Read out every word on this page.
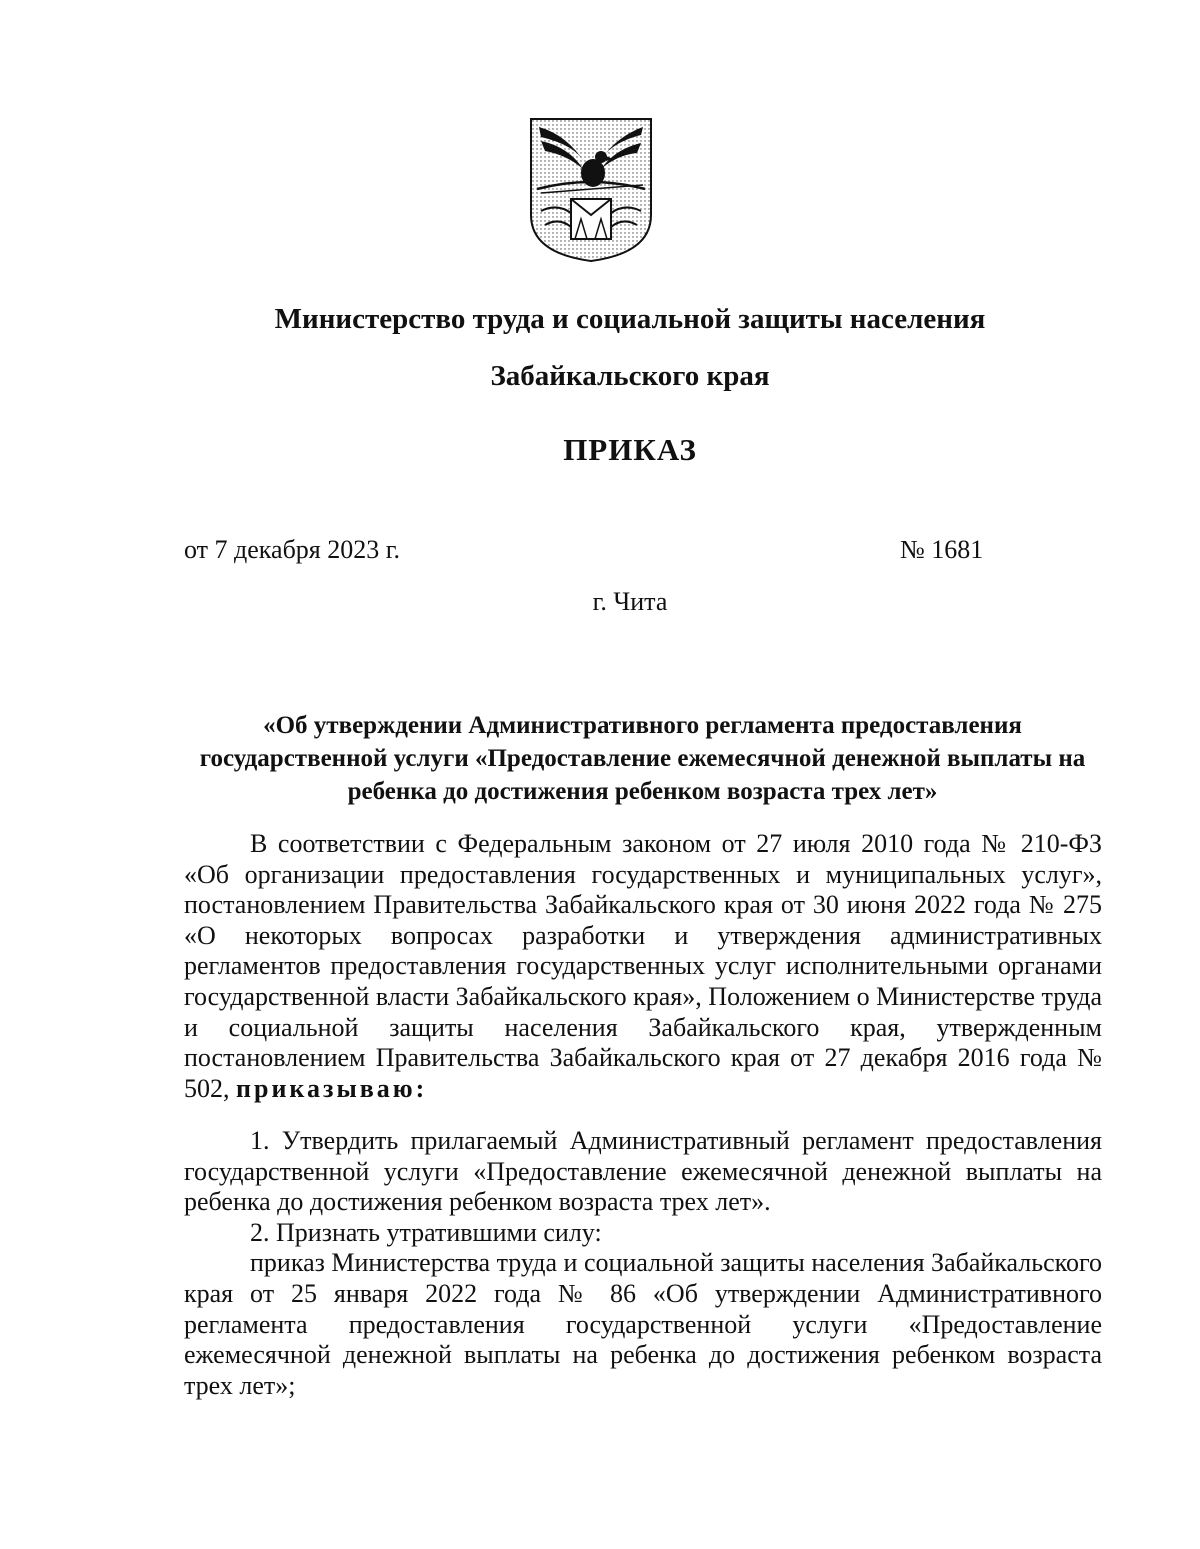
Министерство труда и социальной защиты населения
Забайкальского края
ПРИКАЗ
от 7 декабря 2023 г.	№ 1681
г. Чита
«Об утверждении Административного регламента предоставления
государственной услуги «Предоставление ежемесячной денежной выплаты на
ребенка до достижения ребенком возраста трех лет»

В соответствии с Федеральным законом от 27 июля 2010 года № 210-ФЗ «Об организации предоставления государственных и муниципальных услуг», постановлением Правительства Забайкальского края от 30 июня 2022 года № 275 «О некоторых вопросах разработки и утверждения административных регламентов предоставления государственных услуг исполнительными органами государственной власти Забайкальского края», Положением о Министерстве труда и социальной защиты населения Забайкальского края, утвержденным постановлением Правительства Забайкальского края от 27 декабря 2016 года № 502, приказываю:

1. Утвердить прилагаемый Административный регламент предоставления государственной услуги «Предоставление ежемесячной денежной выплаты на ребенка до достижения ребенком возраста трех лет».

2. Признать утратившими силу:

приказ Министерства труда и социальной защиты населения Забайкальского края от 25 января 2022 года № 86 «Об утверждении Административного регламента предоставления государственной услуги «Предоставление ежемесячной денежной выплаты на ребенка до достижения ребенком возраста трех лет»;
